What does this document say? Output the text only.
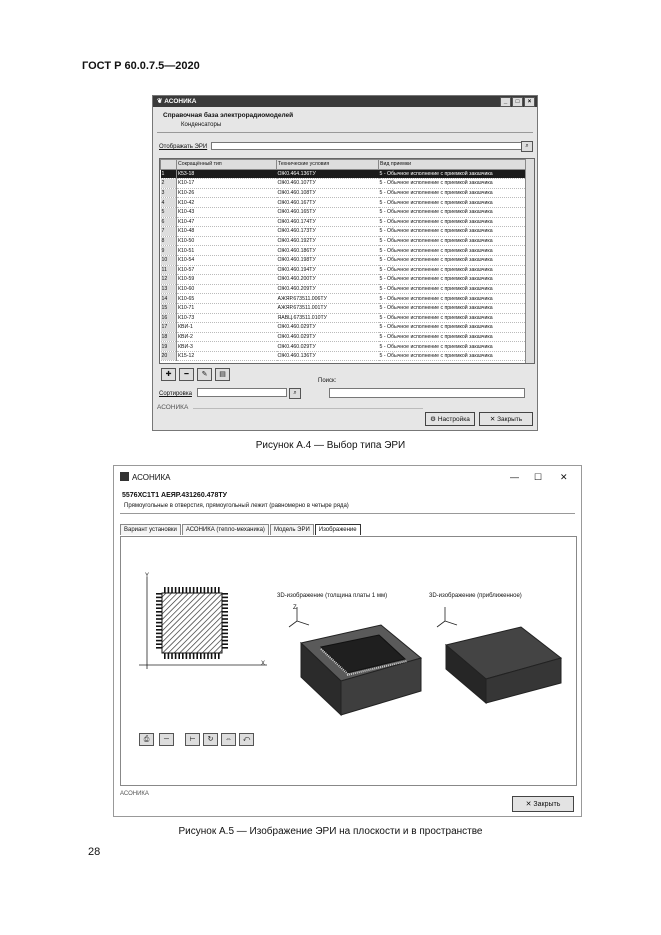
ГОСТ Р 60.0.7.5—2020
❦ АСОНИКА	_	□	×
Справочная база электрорадиомоделей
Конденсаторы
Отображать ЭРИ	⌕
	Сокращённый тип	Технические условия	Вид приемки
1	К53-18	ОЖ0.464.136ТУ	5 - Обычное исполнение с приемкой заказчика
2	К10-17	ОЖ0.460.107ТУ	5 - Обычное исполнение с приемкой заказчика
3	К10-26	ОЖ0.460.108ТУ	5 - Обычное исполнение с приемкой заказчика
4	К10-42	ОЖ0.460.167ТУ	5 - Обычное исполнение с приемкой заказчика
5	К10-43	ОЖ0.460.165ТУ	5 - Обычное исполнение с приемкой заказчика
6	К10-47	ОЖ0.460.174ТУ	5 - Обычное исполнение с приемкой заказчика
7	К10-48	ОЖ0.460.173ТУ	5 - Обычное исполнение с приемкой заказчика
8	К10-50	ОЖ0.460.192ТУ	5 - Обычное исполнение с приемкой заказчика
9	К10-51	ОЖ0.460.186ТУ	5 - Обычное исполнение с приемкой заказчика
10	К10-54	ОЖ0.460.198ТУ	5 - Обычное исполнение с приемкой заказчика
11	К10-57	ОЖ0.460.194ТУ	5 - Обычное исполнение с приемкой заказчика
12	К10-59	ОЖ0.460.200ТУ	5 - Обычное исполнение с приемкой заказчика
13	К10-60	ОЖ0.460.209ТУ	5 - Обычное исполнение с приемкой заказчика
14	К10-65	АЖЯР.673511.006ТУ	5 - Обычное исполнение с приемкой заказчика
15	К10-71	АЖЯР.673511.001ТУ	5 - Обычное исполнение с приемкой заказчика
16	К10-73	ЯАВЦ.673511.010ТУ	5 - Обычное исполнение с приемкой заказчика
17	КВИ-1	ОЖ0.460.029ТУ	5 - Обычное исполнение с приемкой заказчика
18	КВИ-2	ОЖ0.460.029ТУ	5 - Обычное исполнение с приемкой заказчика
19	КВИ-3	ОЖ0.460.029ТУ	5 - Обычное исполнение с приемкой заказчика
20	К15-12	ОЖ0.460.136ТУ	5 - Обычное исполнение с приемкой заказчика
✚	━	✎	▤
Сортировка	⌕
Поиск:
АСОНИКА
⚙ Настройка	✕ Закрыть
Рисунок А.4 — Выбор типа ЭРИ
АСОНИКА	— ☐ ✕
5576ХС1Т1 АЕЯР.431260.478ТУ
Прямоугольные в отверстия, прямоугольный лежит (равномерно в четыре ряда)
Вариант установки	АСОНИКА (тепло-механика)	Модель ЭРИ	Изображение
Y
X
3D-изображение (толщина платы 1 мм)
Z
3D-изображение (приближенное)
⎙	─	⊢	↻	⇔	⤺
АСОНИКА
✕ Закрыть
Рисунок А.5 — Изображение ЭРИ на плоскости и в пространстве
28
